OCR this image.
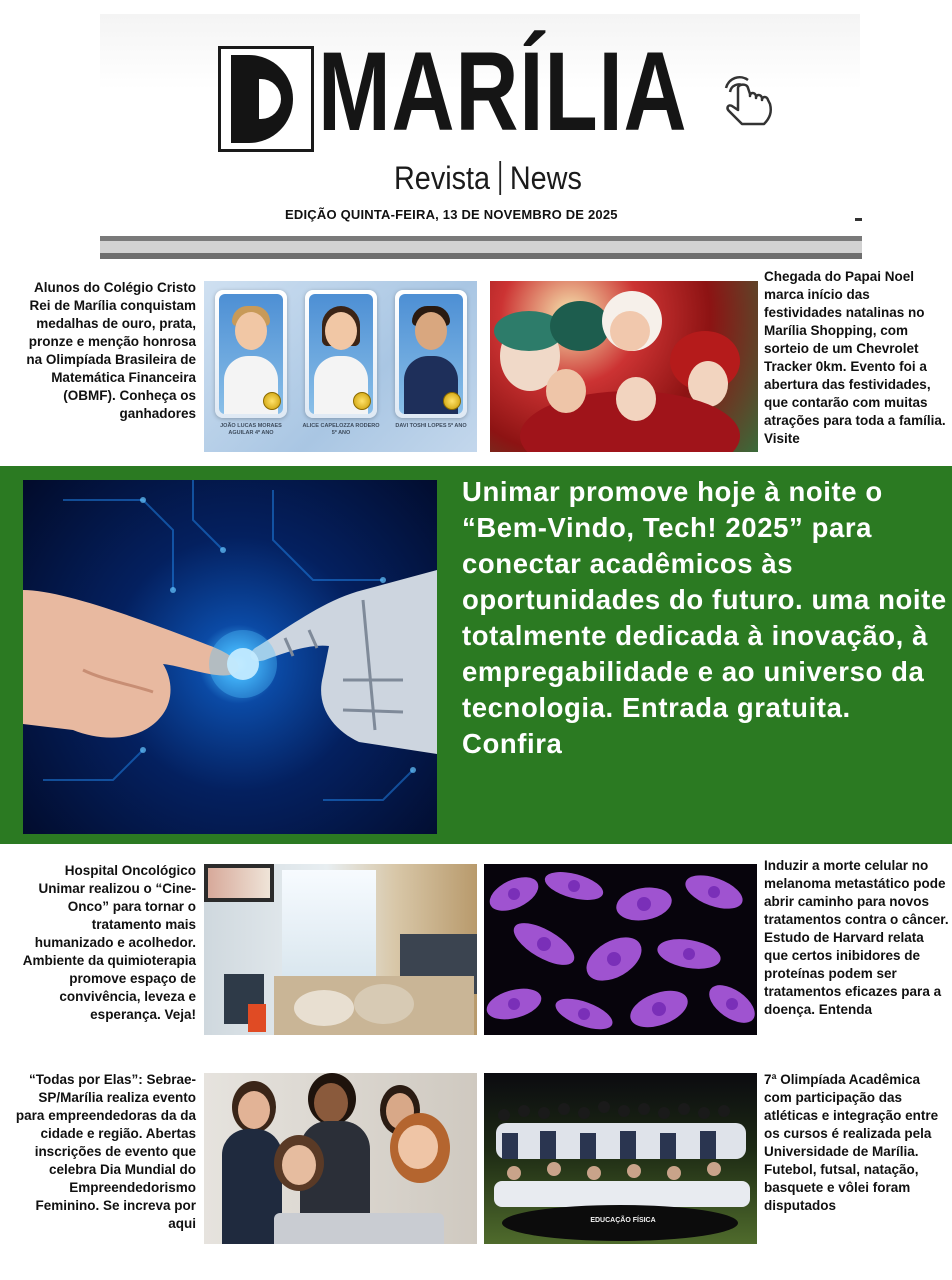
MARÍLIA
Revista News
EDIÇÃO QUINTA-FEIRA, 13 DE NOVEMBRO DE 2025
Alunos do Colégio Cristo Rei de Marília conquistam medalhas de ouro, prata, pronze e menção honrosa na Olimpíada Brasileira de Matemática Financeira (OBMF). Conheça os ganhadores
JOÃO LUCAS MORAES AGUILAR 4º ANO
ALICE CAPELOZZA RODERO 5º ANO
DAVI TOSHI LOPES 5º ANO
Chegada do Papai Noel marca início das festividades natalinas no Marília Shopping, com sorteio de um Chevrolet Tracker 0km. Evento foi a abertura das festividades, que contarão com muitas atrações para toda a família. Visite
Unimar promove hoje à noite o “Bem-Vindo, Tech! 2025” para conectar acadêmicos às oportunidades do futuro. uma noite totalmente dedicada à inovação, à empregabilidade e ao universo da tecnologia. Entrada gratuita. Confira
Hospital Oncológico Unimar realizou o “Cine- Onco” para tornar o tratamento mais humanizado e acolhedor. Ambiente da quimioterapia promove espaço de convivência, leveza e esperança. Veja!
Induzir a morte celular no melanoma metastático pode abrir caminho para novos tratamentos contra o câncer. Estudo de Harvard relata que certos inibidores de proteínas podem ser tratamentos eficazes para a doença. Entenda
“Todas por Elas”: Sebrae-SP/Marília realiza evento para empreendedoras da da cidade e região. Abertas inscrições de evento que celebra Dia Mundial do Empreendedorismo Feminino. Se increva por aqui	EDUCAÇÃO FÍSICA
7ª Olimpíada Acadêmica com participação das atléticas e integração entre os cursos é realizada pela Universidade de Marília. Futebol, futsal, natação, basquete e vôlei foram disputados
